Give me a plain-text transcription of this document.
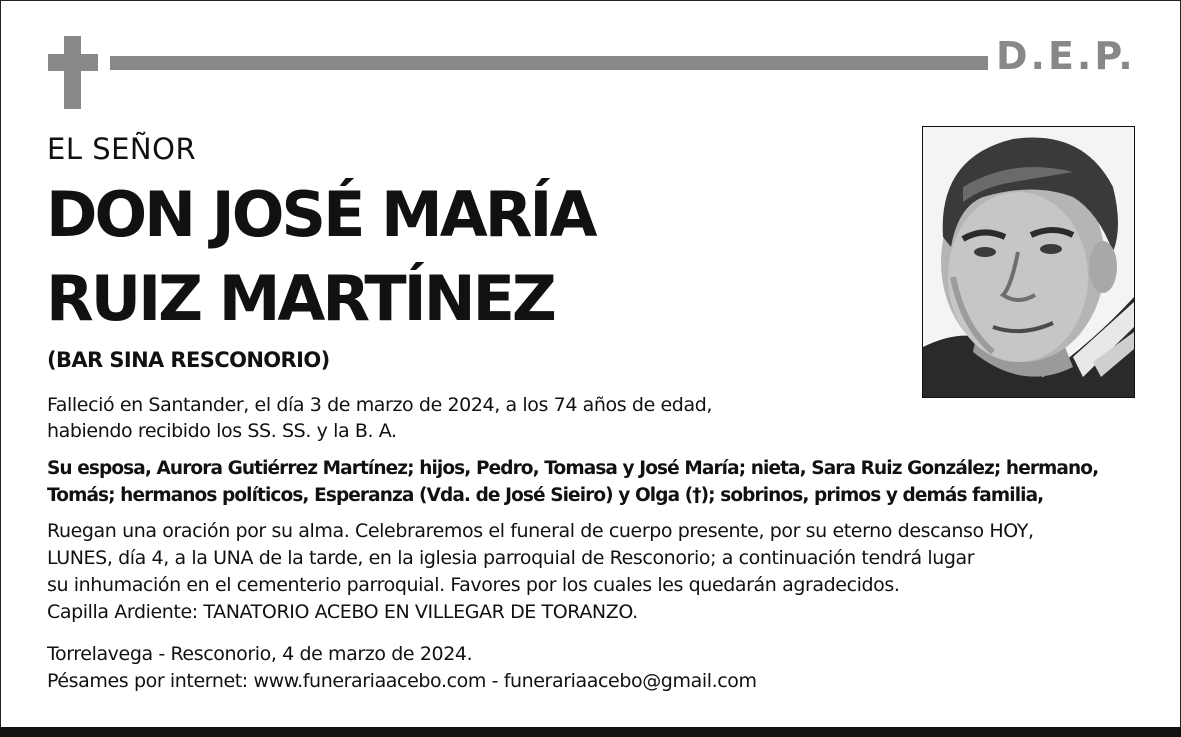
D.E.P.
EL SEÑOR
DON JOSÉ MARÍA
RUIZ MARTÍNEZ
(BAR SINA RESCONORIO)
Falleció en Santander, el día 3 de marzo de 2024, a los 74 años de edad,
habiendo recibido los SS. SS. y la B. A.
Su esposa, Aurora Gutiérrez Martínez; hijos, Pedro, Tomasa y José María; nieta, Sara Ruiz González; hermano,
Tomás; hermanos políticos, Esperanza (Vda. de José Sieiro) y Olga (†); sobrinos, primos y demás familia,
Ruegan una oración por su alma. Celebraremos el funeral de cuerpo presente, por su eterno descanso HOY,
LUNES, día 4, a la UNA de la tarde, en la iglesia parroquial de Resconorio; a continuación tendrá lugar
su inhumación en el cementerio parroquial. Favores por los cuales les quedarán agradecidos.
Capilla Ardiente: TANATORIO ACEBO EN VILLEGAR DE TORANZO.
Torrelavega - Resconorio, 4 de marzo de 2024.
Pésames por internet: www.funerariaacebo.com - funerariaacebo@gmail.com
